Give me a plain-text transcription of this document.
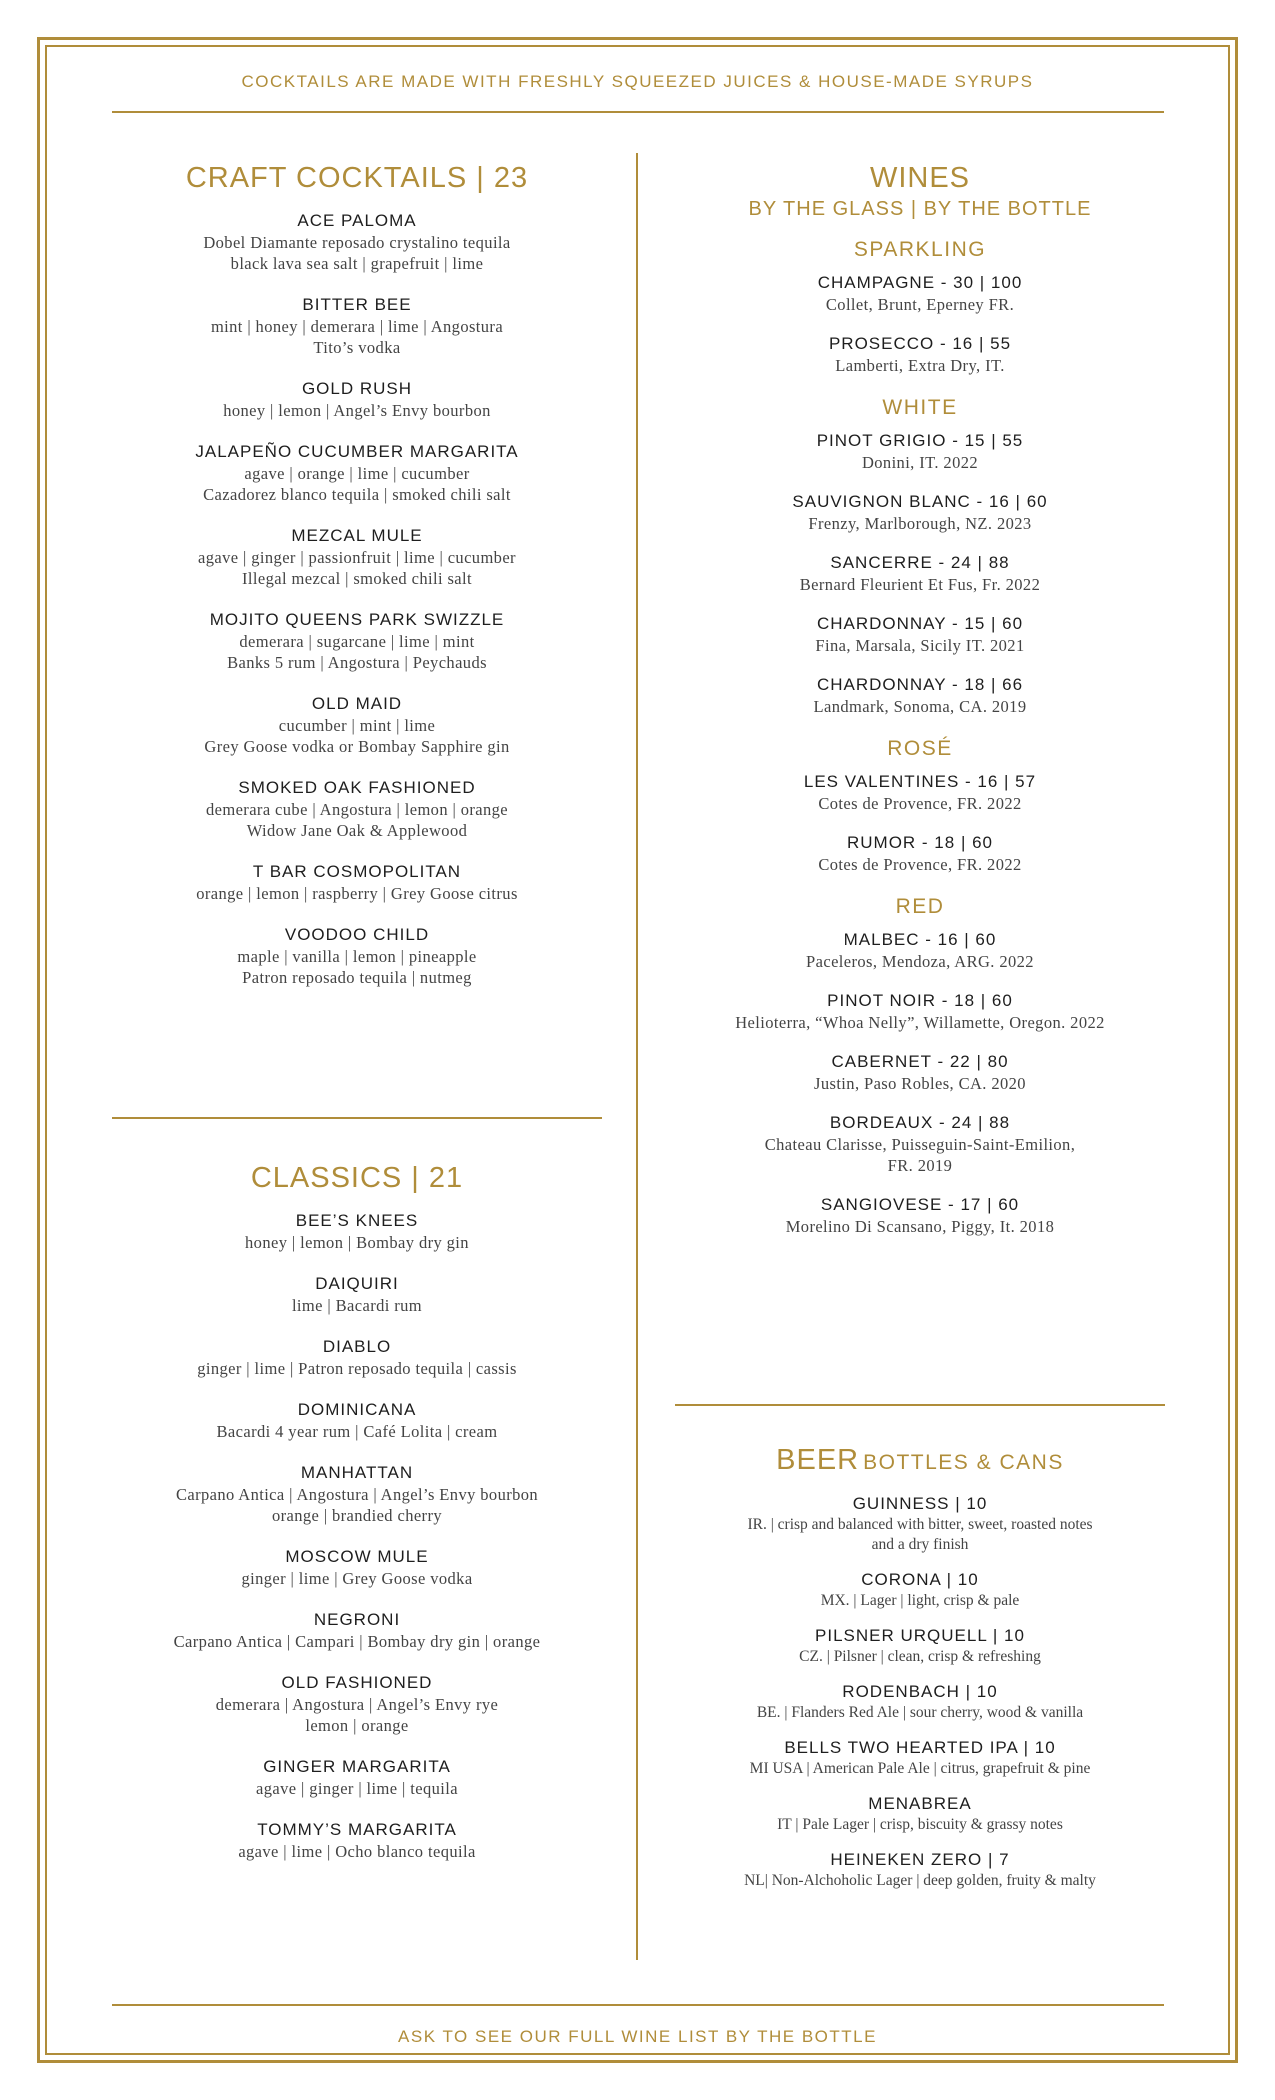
COCKTAILS ARE MADE WITH FRESHLY SQUEEZED JUICES & HOUSE-MADE SYRUPS
CRAFT COCKTAILS | 23
ACE PALOMA
Dobel Diamante reposado crystalino tequila
black lava sea salt | grapefruit | lime
BITTER BEE
mint | honey | demerara | lime | Angostura
Tito’s vodka
GOLD RUSH
honey | lemon | Angel’s Envy bourbon
JALAPEÑO CUCUMBER MARGARITA
agave | orange | lime | cucumber
Cazadorez blanco tequila | smoked chili salt
MEZCAL MULE
agave | ginger | passionfruit | lime | cucumber
Illegal mezcal | smoked chili salt
MOJITO QUEENS PARK SWIZZLE
demerara | sugarcane | lime | mint
Banks 5 rum | Angostura | Peychauds
OLD MAID
cucumber | mint | lime
Grey Goose vodka or Bombay Sapphire gin
SMOKED OAK FASHIONED
demerara cube | Angostura | lemon | orange
Widow Jane Oak & Applewood
T BAR COSMOPOLITAN
orange | lemon | raspberry | Grey Goose citrus
VOODOO CHILD
maple | vanilla | lemon | pineapple
Patron reposado tequila | nutmeg
CLASSICS | 21
BEE’S KNEES
honey | lemon | Bombay dry gin
DAIQUIRI
lime | Bacardi rum
DIABLO
ginger | lime | Patron reposado tequila | cassis
DOMINICANA
Bacardi 4 year rum | Café Lolita | cream
MANHATTAN
Carpano Antica | Angostura | Angel’s Envy bourbon
orange | brandied cherry
MOSCOW MULE
ginger | lime | Grey Goose vodka
NEGRONI
Carpano Antica | Campari | Bombay dry gin | orange
OLD FASHIONED
demerara | Angostura | Angel’s Envy rye
lemon | orange
GINGER MARGARITA
agave | ginger | lime | tequila
TOMMY’S MARGARITA
agave | lime | Ocho blanco tequila
WINES
BY THE GLASS | BY THE BOTTLE
SPARKLING
CHAMPAGNE - 30 | 100
Collet, Brunt, Eperney FR.
PROSECCO - 16 | 55
Lamberti, Extra Dry, IT.
WHITE
PINOT GRIGIO - 15 | 55
Donini, IT. 2022
SAUVIGNON BLANC - 16 | 60
Frenzy, Marlborough, NZ. 2023
SANCERRE - 24 | 88
Bernard Fleurient Et Fus, Fr. 2022
CHARDONNAY - 15 | 60
Fina, Marsala, Sicily IT. 2021
CHARDONNAY - 18 | 66
Landmark, Sonoma, CA. 2019
ROSÉ
LES VALENTINES - 16 | 57
Cotes de Provence, FR. 2022
RUMOR - 18 | 60
Cotes de Provence, FR. 2022
RED
MALBEC - 16 | 60
Paceleros, Mendoza, ARG. 2022
PINOT NOIR - 18 | 60
Helioterra, “Whoa Nelly”, Willamette, Oregon. 2022
CABERNET - 22 | 80
Justin, Paso Robles, CA. 2020
BORDEAUX - 24 | 88
Chateau Clarisse, Puisseguin-Saint-Emilion,
FR. 2019
SANGIOVESE - 17 | 60
Morelino Di Scansano, Piggy, It. 2018
BEER BOTTLES & CANS
GUINNESS | 10
IR. | crisp and balanced with bitter, sweet, roasted notes
and a dry finish
CORONA | 10
MX. | Lager | light, crisp & pale
PILSNER URQUELL | 10
CZ. | Pilsner | clean, crisp & refreshing
RODENBACH | 10
BE. | Flanders Red Ale | sour cherry, wood & vanilla
BELLS TWO HEARTED IPA | 10
MI USA | American Pale Ale | citrus, grapefruit & pine
MENABREA
IT | Pale Lager | crisp, biscuity & grassy notes
HEINEKEN ZERO | 7
NL| Non-Alchoholic Lager | deep golden, fruity & malty
ASK TO SEE OUR FULL WINE LIST BY THE BOTTLE
